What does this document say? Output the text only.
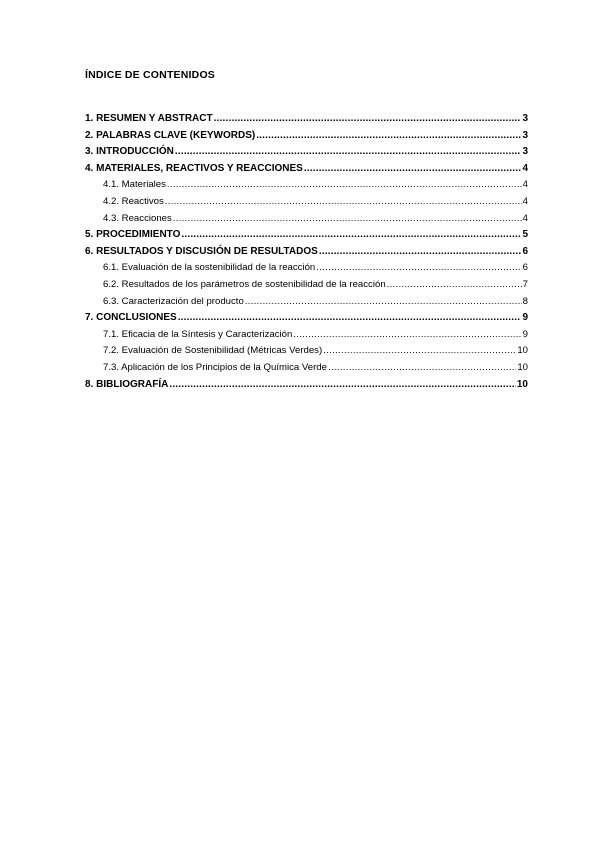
ÍNDICE DE CONTENIDOS
1. RESUMEN Y ABSTRACT .....	3
2. PALABRAS CLAVE (KEYWORDS) .....	3
3. INTRODUCCIÓN .....	3
4. MATERIALES, REACTIVOS Y REACCIONES .....	4
4.1. Materiales .....	4
4.2. Reactivos .....	4
4.3. Reacciones .....	4
5. PROCEDIMIENTO .....	5
6. RESULTADOS Y DISCUSIÓN DE RESULTADOS .....	6
6.1. Evaluación de la sostenibilidad de la reacción .....	6
6.2. Resultados de los parámetros de sostenibilidad de la reacción .....	7
6.3. Caracterización del producto .....	8
7. CONCLUSIONES .....	9
7.1. Eficacia de la Síntesis y Caracterización .....	9
7.2. Evaluación de Sostenibilidad (Métricas Verdes) .....	10
7.3. Aplicación de los Principios de la Química Verde .....	10
8. BIBLIOGRAFÍA .....	10
